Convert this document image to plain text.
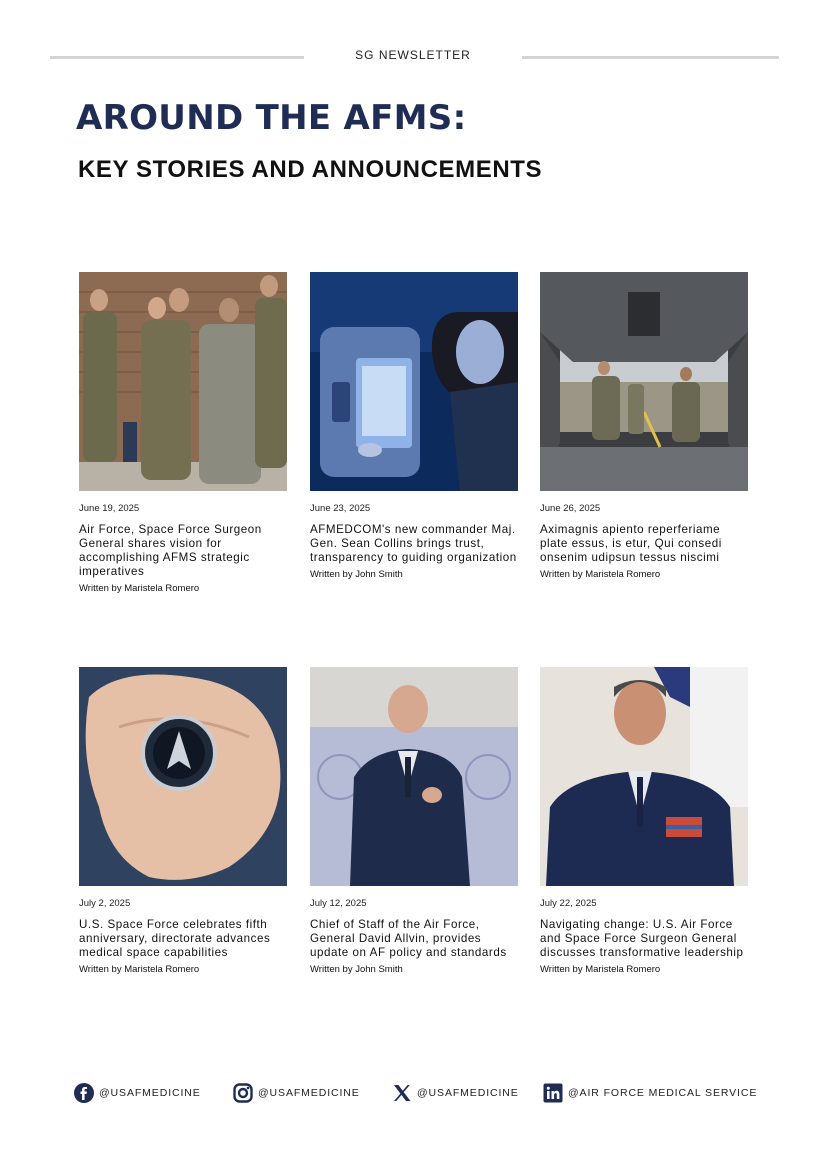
SG NEWSLETTER
AROUND THE AFMS:
KEY STORIES AND ANNOUNCEMENTS
June 19, 2025
Air Force, Space Force Surgeon General shares vision for accomplishing AFMS strategic imperatives
Written by Maristela Romero
June 23, 2025
AFMEDCOM's new commander Maj. Gen. Sean Collins brings trust, transparency to guiding organization
Written by John Smith
June 26, 2025
Aximagnis apiento reperferiame plate essus, is etur, Qui consedi onsenim udipsun tessus niscimi
Written by Maristela Romero
July 2, 2025
U.S. Space Force celebrates fifth anniversary, directorate advances medical space capabilities
Written by Maristela Romero
July 12, 2025
Chief of Staff of the Air Force, General David Allvin, provides update on AF policy and standards
Written by John Smith
July 22, 2025
Navigating change: U.S. Air Force and Space Force Surgeon General discusses transformative leadership
Written by Maristela Romero
@USAFMEDICINE	@USAFMEDICINE	@USAFMEDICINE	@AIR FORCE MEDICAL SERVICE
